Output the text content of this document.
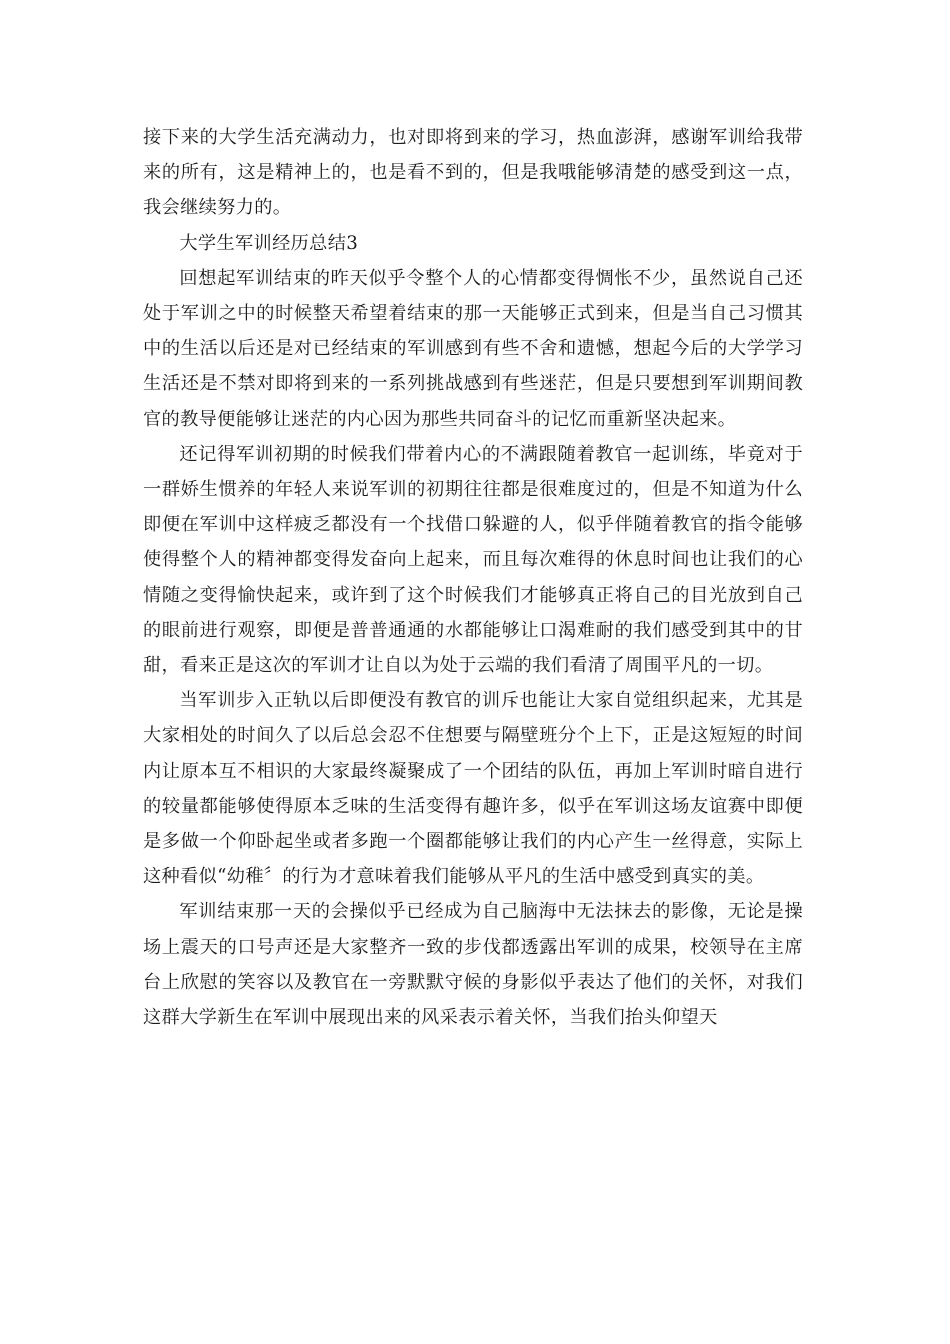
接下来的大学生活充满动力，也对即将到来的学习，热血澎湃，感谢军训给我带来的所有，这是精神上的，也是看不到的，但是我哦能够清楚的感受到这一点，我会继续努力的。

大学生军训经历总结3

回想起军训结束的昨天似乎令整个人的心情都变得惆怅不少，虽然说自己还处于军训之中的时候整天希望着结束的那一天能够正式到来，但是当自己习惯其中的生活以后还是对已经结束的军训感到有些不舍和遗憾，想起今后的大学学习生活还是不禁对即将到来的一系列挑战感到有些迷茫，但是只要想到军训期间教官的教导便能够让迷茫的内心因为那些共同奋斗的记忆而重新坚决起来。

还记得军训初期的时候我们带着内心的不满跟随着教官一起训练，毕竟对于一群娇生惯养的年轻人来说军训的初期往往都是很难度过的，但是不知道为什么即便在军训中这样疲乏都没有一个找借口躲避的人，似乎伴随着教官的指令能够使得整个人的精神都变得发奋向上起来，而且每次难得的休息时间也让我们的心情随之变得愉快起来，或许到了这个时候我们才能够真正将自己的目光放到自己的眼前进行观察，即便是普普通通的水都能够让口渴难耐的我们感受到其中的甘甜，看来正是这次的军训才让自以为处于云端的我们看清了周围平凡的一切。

当军训步入正轨以后即便没有教官的训斥也能让大家自觉组织起来，尤其是大家相处的时间久了以后总会忍不住想要与隔壁班分个上下，正是这短短的时间内让原本互不相识的大家最终凝聚成了一个团结的队伍，再加上军训时暗自进行的较量都能够使得原本乏味的生活变得有趣许多，似乎在军训这场友谊赛中即便是多做一个仰卧起坐或者多跑一个圈都能够让我们的内心产生一丝得意，实际上这种看似“幼稚〞的行为才意味着我们能够从平凡的生活中感受到真实的美。

军训结束那一天的会操似乎已经成为自己脑海中无法抹去的影像，无论是操场上震天的口号声还是大家整齐一致的步伐都透露出军训的成果，校领导在主席台上欣慰的笑容以及教官在一旁默默守候的身影似乎表达了他们的关怀，对我们这群大学新生在军训中展现出来的风采表示着关怀，当我们抬头仰望天
